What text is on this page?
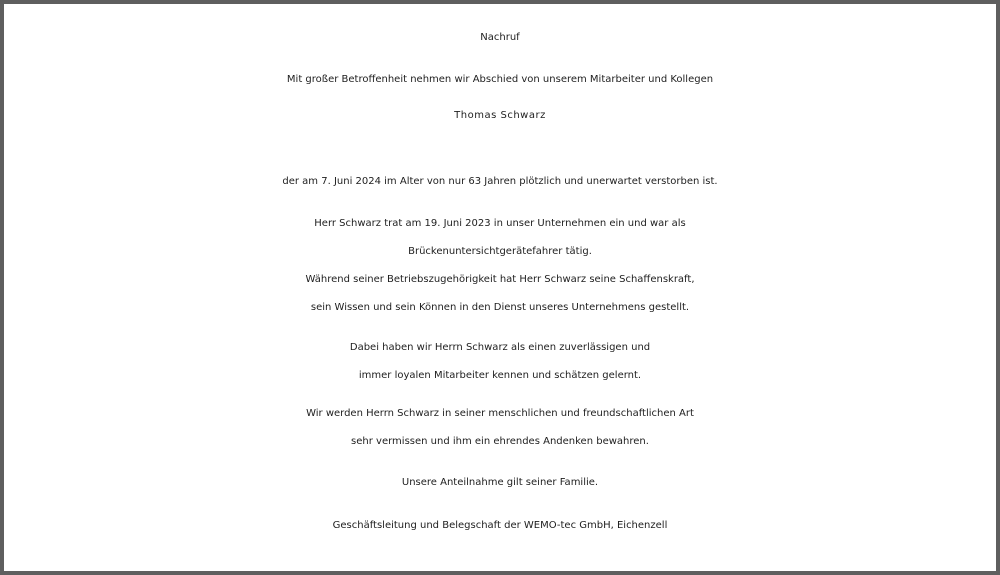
Nachruf
Mit großer Betroffenheit nehmen wir Abschied von unserem Mitarbeiter und Kollegen
Thomas Schwarz
der am 7. Juni 2024 im Alter von nur 63 Jahren plötzlich und unerwartet verstorben ist.
Herr Schwarz trat am 19. Juni 2023 in unser Unternehmen ein und war als
Brückenuntersichtgerätefahrer tätig.
Während seiner Betriebszugehörigkeit hat Herr Schwarz seine Schaffenskraft,
sein Wissen und sein Können in den Dienst unseres Unternehmens gestellt.
Dabei haben wir Herrn Schwarz als einen zuverlässigen und
immer loyalen Mitarbeiter kennen und schätzen gelernt.
Wir werden Herrn Schwarz in seiner menschlichen und freundschaftlichen Art
sehr vermissen und ihm ein ehrendes Andenken bewahren.
Unsere Anteilnahme gilt seiner Familie.
Geschäftsleitung und Belegschaft der WEMO-tec GmbH, Eichenzell
